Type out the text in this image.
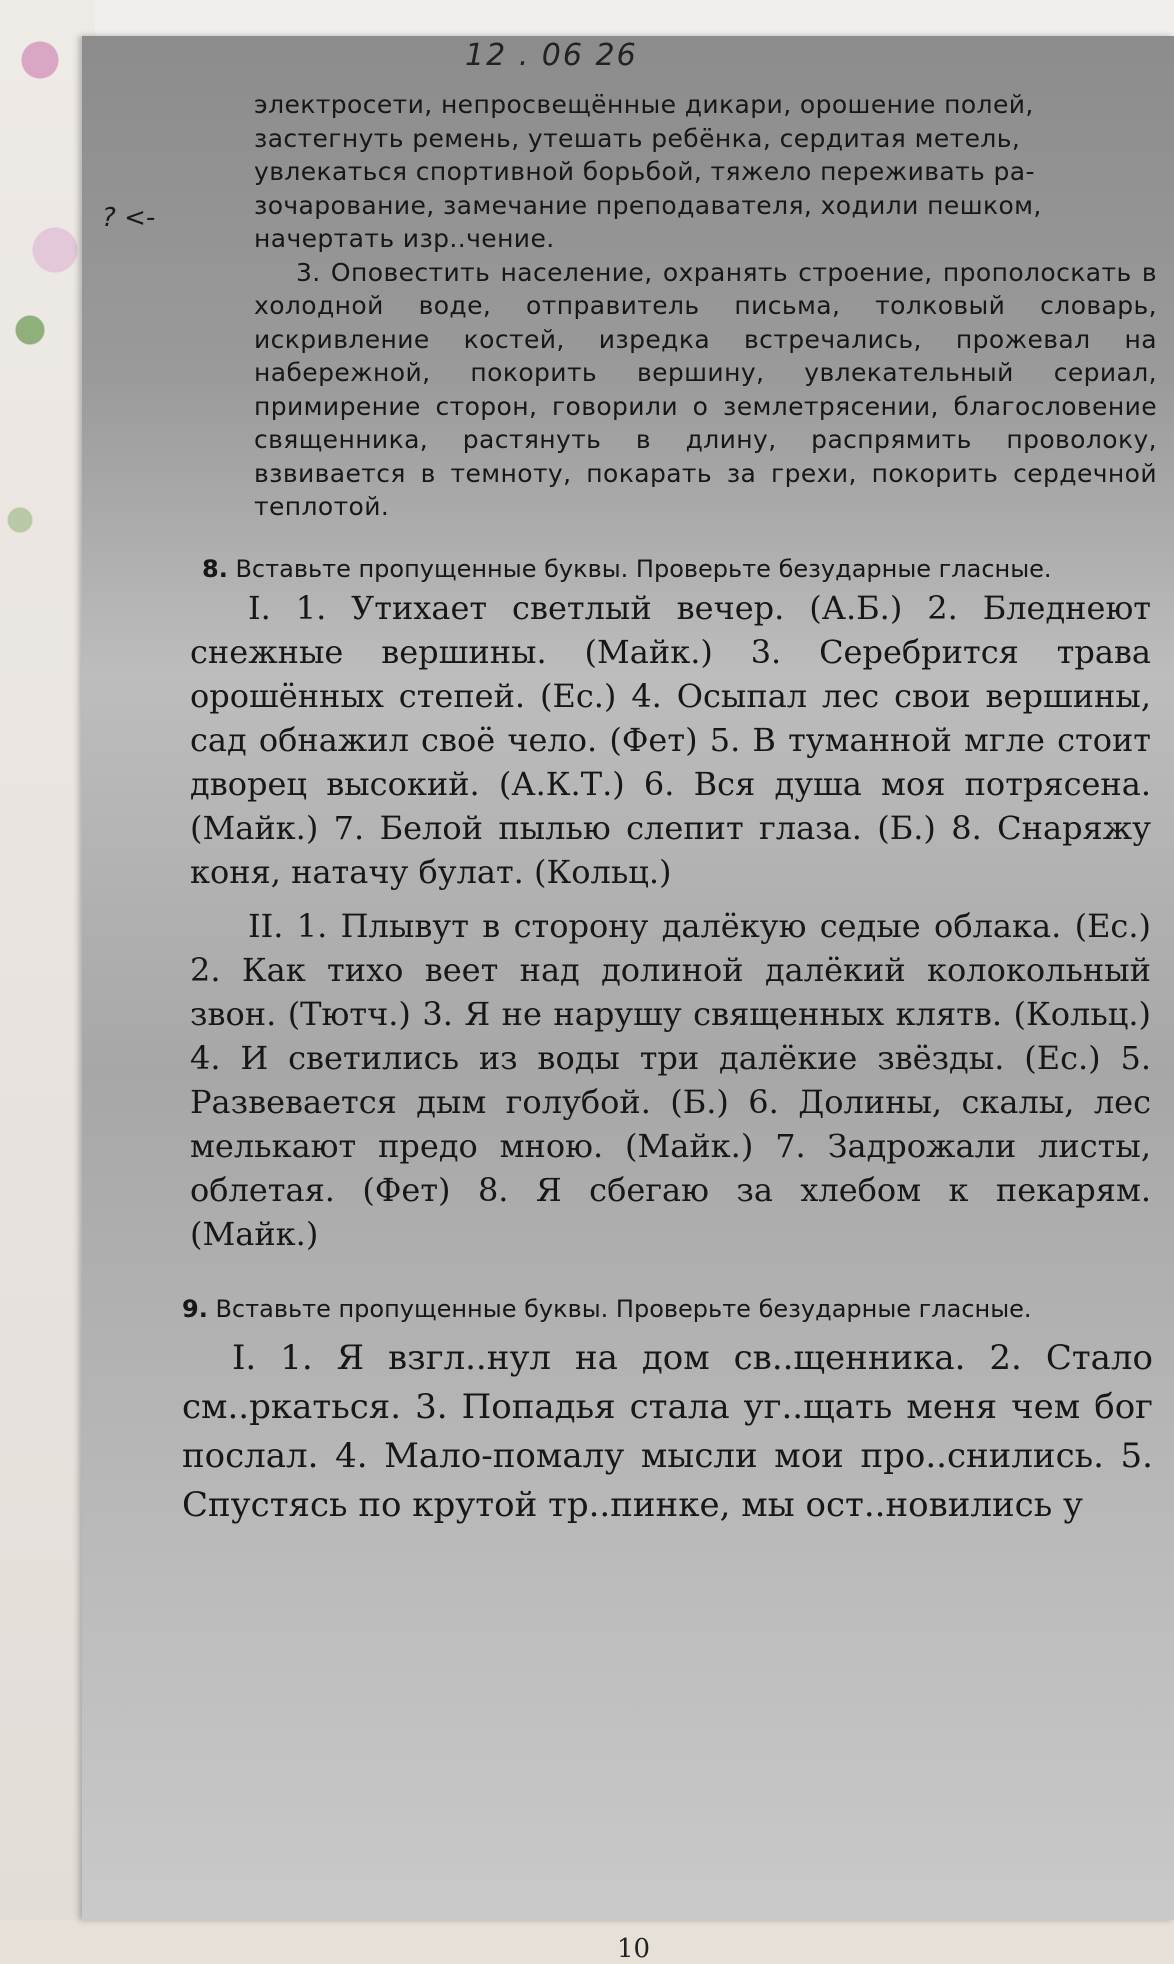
12 . 06 26
? <-

электросети, непросвещённые дикари, орошение полей,

застегнуть ремень, утешать ребёнка, сердитая метель,

увлекаться спортивной борьбой, тяжело переживать ра-

зочарование, замечание преподавателя, ходили пешком,

начертать изр..чение.

3. Оповестить население, охранять строение, прополоскать в холодной воде, отправитель письма, толковый словарь, искривление костей, изредка встречались, прожевал на набережной, покорить вершину, увлекательный сериал, примирение сторон, говорили о землетрясении, благословение священника, растянуть в длину, распрямить проволоку, взвивается в темноту, покарать за грехи, покорить сердечной теплотой.

8. Вставьте пропущенные буквы. Проверьте безударные гласные.

I. 1. Утихает светлый вечер. (А.Б.) 2. Бледнеют снежные вершины. (Майк.) 3. Серебрится трава орошённых степей. (Ес.) 4. Осыпал лес свои вершины, сад обнажил своё чело. (Фет) 5. В туманной мгле стоит дворец высокий. (А.К.Т.) 6. Вся душа моя потрясена. (Майк.) 7. Белой пылью слепит глаза. (Б.) 8. Снаряжу коня, натачу булат. (Кольц.)

II. 1. Плывут в сторону далёкую седые облака. (Ес.) 2. Как тихо веет над долиной далёкий колокольный звон. (Тютч.) 3. Я не нарушу священных клятв. (Кольц.) 4. И светились из воды три далёкие звёзды. (Ес.) 5. Развевается дым голубой. (Б.) 6. Долины, скалы, лес мелькают предо мною. (Майк.) 7. Задрожали листы, облетая. (Фет) 8. Я сбегаю за хлебом к пекарям. (Майк.)

9. Вставьте пропущенные буквы. Проверьте безударные гласные.

I. 1. Я взгл..нул на дом св..щенника. 2. Стало см..ркаться. 3. Попадья стала уг..щать меня чем бог послал. 4. Мало-помалу мысли мои про..снились. 5. Спустясь по крутой тр..пинке, мы ост..новились у

10
